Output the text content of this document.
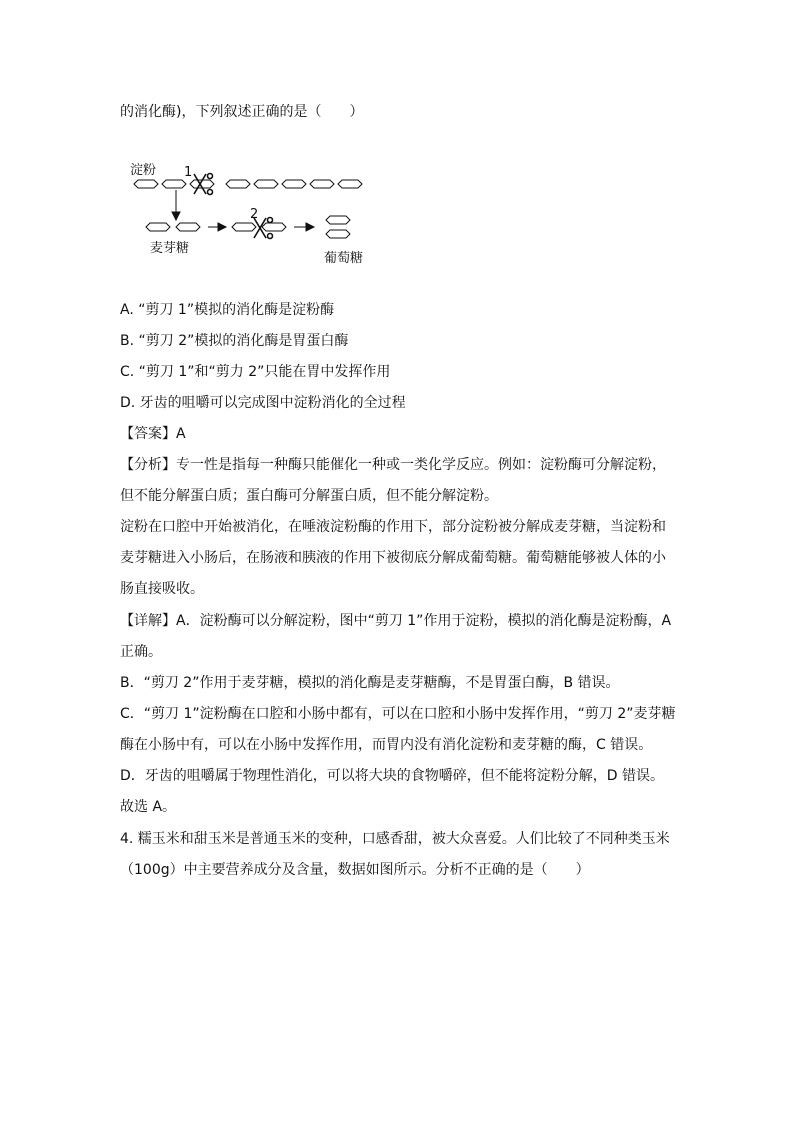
的消化酶)，下列叙述正确的是（　　）
淀粉 1
麦芽糖
2
葡萄糖
A. “剪刀 1”模拟的消化酶是淀粉酶
B. “剪刀 2”模拟的消化酶是胃蛋白酶
C. “剪刀 1”和“剪力 2”只能在胃中发挥作用
D. 牙齿的咀嚼可以完成图中淀粉消化的全过程
【答案】A
【分析】专一性是指每一种酶只能催化一种或一类化学反应。例如：淀粉酶可分解淀粉，
但不能分解蛋白质；蛋白酶可分解蛋白质，但不能分解淀粉。
淀粉在口腔中开始被消化，在唾液淀粉酶的作用下，部分淀粉被分解成麦芽糖，当淀粉和
麦芽糖进入小肠后，在肠液和胰液的作用下被彻底分解成葡萄糖。葡萄糖能够被人体的小
肠直接吸收。
【详解】A．淀粉酶可以分解淀粉，图中“剪刀 1”作用于淀粉，模拟的消化酶是淀粉酶，A
正确。
B．“剪刀 2”作用于麦芽糖，模拟的消化酶是麦芽糖酶，不是胃蛋白酶，B 错误。
C．“剪刀 1”淀粉酶在口腔和小肠中都有，可以在口腔和小肠中发挥作用，“剪刀 2”麦芽糖
酶在小肠中有，可以在小肠中发挥作用，而胃内没有消化淀粉和麦芽糖的酶，C 错误。
D．牙齿的咀嚼属于物理性消化，可以将大块的食物嚼碎，但不能将淀粉分解，D 错误。
故选 A。
4. 糯玉米和甜玉米是普通玉米的变种，口感香甜，被大众喜爱。人们比较了不同种类玉米
（100g）中主要营养成分及含量，数据如图所示。分析不正确的是（　　）
